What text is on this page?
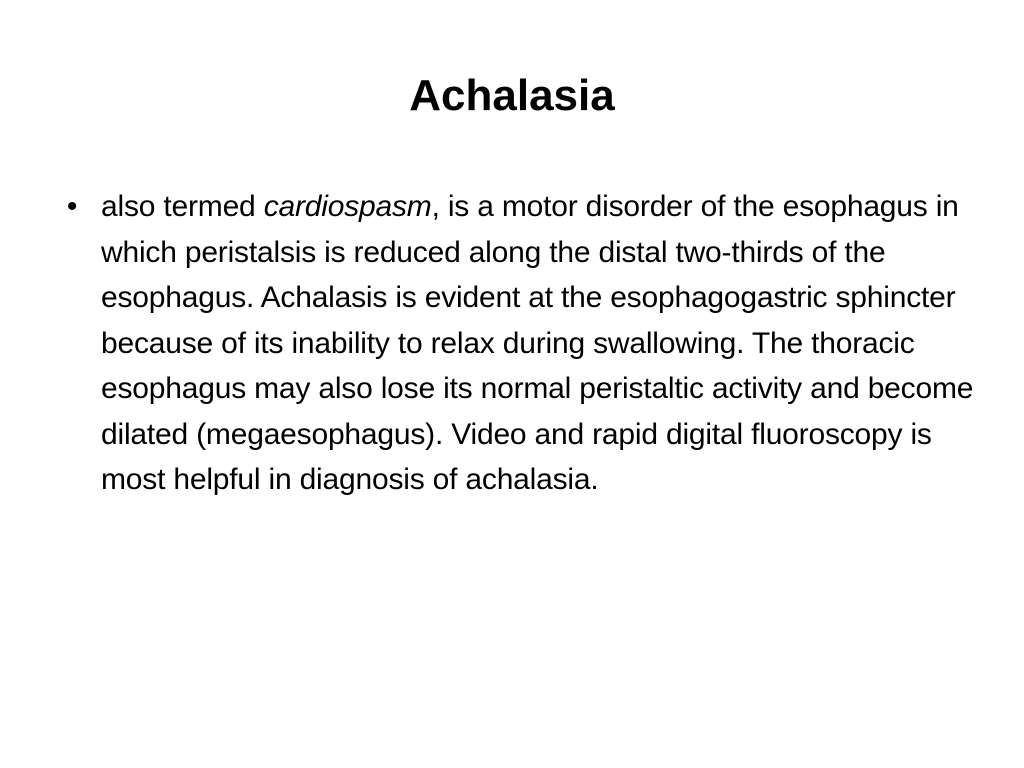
Achalasia
• also termed cardiospasm, is a motor disorder of the esophagus in which peristalsis is reduced along the distal two-thirds of the esophagus. Achalasis is evident at the esophagogastric sphincter because of its inability to relax during swallowing. The thoracic esophagus may also lose its normal peristaltic activity and become dilated (megaesophagus). Video and rapid digital fluoroscopy is most helpful in diagnosis of achalasia.
